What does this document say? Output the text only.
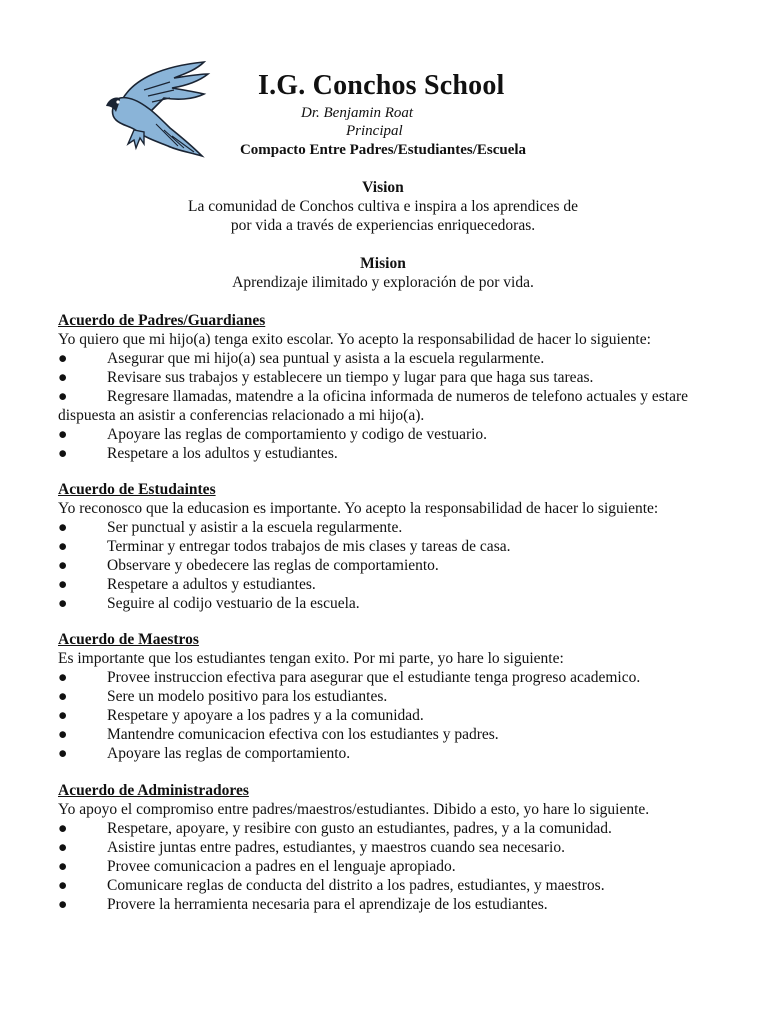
I.G. Conchos School
Dr. Benjamin Roat
Principal
Compacto Entre Padres/Estudiantes/Escuela
Vision
La comunidad de Conchos cultiva e inspira a los aprendices de
por vida a través de experiencias enriquecedoras.
Mision
Aprendizaje ilimitado y exploración de por vida.
Acuerdo de Padres/Guardianes
Yo quiero que mi hijo(a) tenga exito escolar. Yo acepto la responsabilidad de hacer lo siguiente:
●	Asegurar que mi hijo(a) sea puntual y asista a la escuela regularmente.
●	Revisare sus trabajos y establecere un tiempo y lugar para que haga sus tareas.
●	Regresare llamadas, matendre a la oficina informada de numeros de telefono actuales y estare dispuesta an asistir a conferencias relacionado a mi hijo(a).
●	Apoyare las reglas de comportamiento y codigo de vestuario.
●	Respetare a los adultos y estudiantes.
Acuerdo de Estudaintes
Yo reconosco que la educasion es importante. Yo acepto la responsabilidad de hacer lo siguiente:
●	Ser punctual y asistir a la escuela regularmente.
●	Terminar y entregar todos trabajos de mis clases y tareas de casa.
●	Observare y obedecere las reglas de comportamiento.
●	Respetare a adultos y estudiantes.
●	Seguire al codijo vestuario de la escuela.
Acuerdo de Maestros
Es importante que los estudiantes tengan exito. Por mi parte, yo hare lo siguiente:
●	Provee instruccion efectiva para asegurar que el estudiante tenga progreso academico.
●	Sere un modelo positivo para los estudiantes.
●	Respetare y apoyare a los padres y a la comunidad.
●	Mantendre comunicacion efectiva con los estudiantes y padres.
●	Apoyare las reglas de comportamiento.
Acuerdo de Administradores
Yo apoyo el compromiso entre padres/maestros/estudiantes. Dibido a esto, yo hare lo siguiente.
●	Respetare, apoyare, y resibire con gusto an estudiantes, padres, y a la comunidad.
●	Asistire juntas entre padres, estudiantes, y maestros cuando sea necesario.
●	Provee comunicacion a padres en el lenguaje apropiado.
●	Comunicare reglas de conducta del distrito a los padres, estudiantes, y maestros.
●	Provere la herramienta necesaria para el aprendizaje de los estudiantes.
